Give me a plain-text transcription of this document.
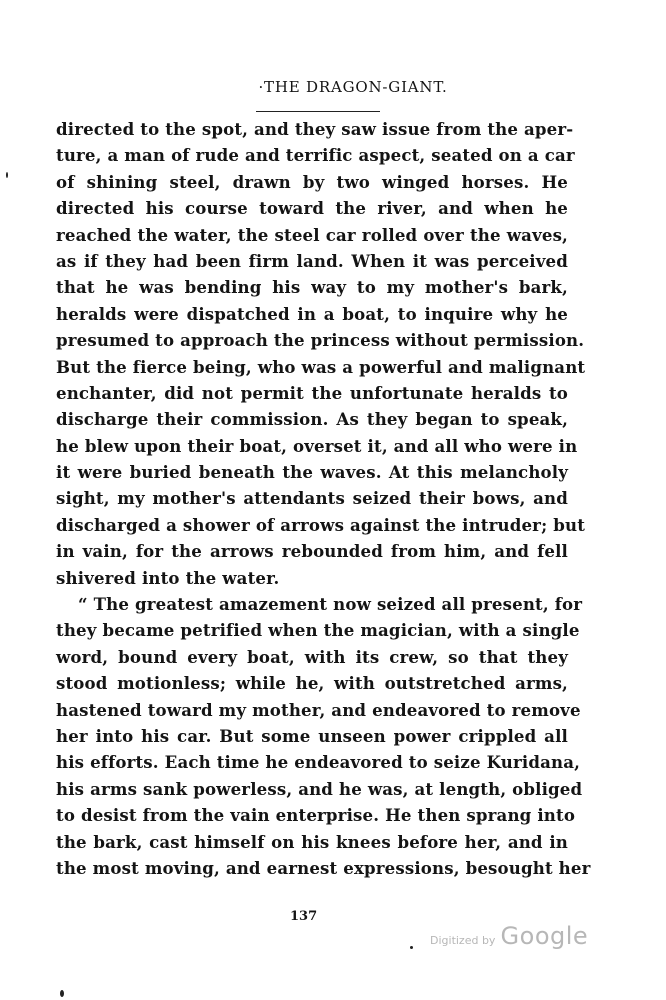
·THE DRAGON-GIANT.
directed to the spot, and they saw issue from the aper-
ture, a man of rude and terrific aspect, seated on a car
of shining steel, drawn by two winged horses. He
directed his course toward the river, and when he
reached the water, the steel car rolled over the waves,
as if they had been firm land. When it was perceived
that he was bending his way to my mother's bark,
heralds were dispatched in a boat, to inquire why he
presumed to approach the princess without permission.
But the fierce being, who was a powerful and malignant
enchanter, did not permit the unfortunate heralds to
discharge their commission. As they began to speak,
he blew upon their boat, overset it, and all who were in
it were buried beneath the waves. At this melancholy
sight, my mother's attendants seized their bows, and
discharged a shower of arrows against the intruder; but
in vain, for the arrows rebounded from him, and fell
shivered into the water.
“ The greatest amazement now seized all present, for
they became petrified when the magician, with a single
word, bound every boat, with its crew, so that they
stood motionless; while he, with outstretched arms,
hastened toward my mother, and endeavored to remove
her into his car. But some unseen power crippled all
his efforts. Each time he endeavored to seize Kuridana,
his arms sank powerless, and he was, at length, obliged
to desist from the vain enterprise. He then sprang into
the bark, cast himself on his knees before her, and in
the most moving, and earnest expressions, besought her
137
Digitized by Google
